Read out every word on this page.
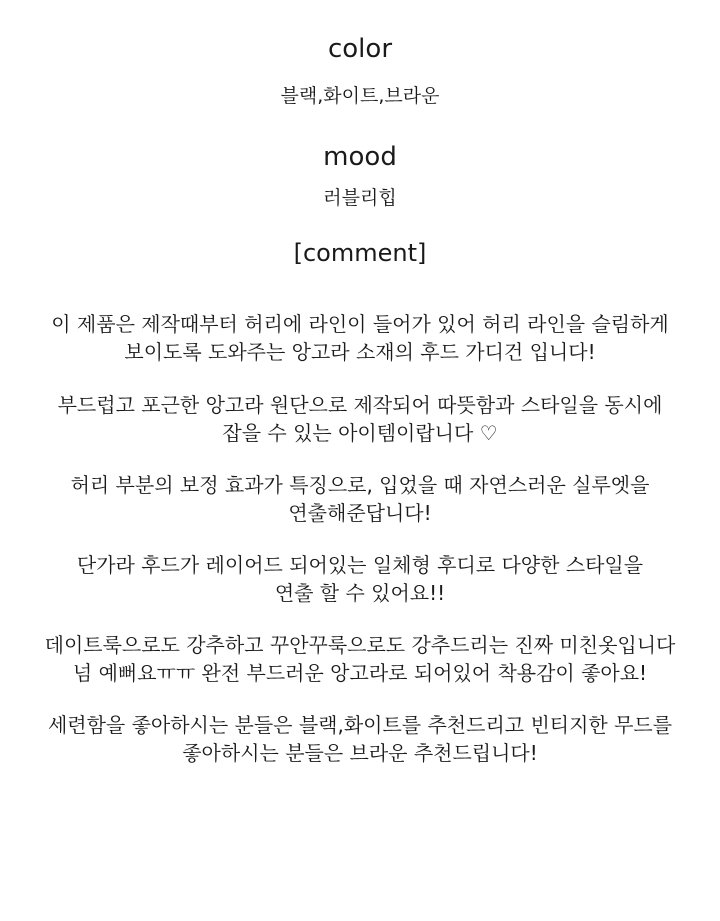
color
블랙,화이트,브라운
mood
러블리힙
[comment]
이 제품은 제작때부터 허리에 라인이 들어가 있어 허리 라인을 슬림하게
보이도록 도와주는 앙고라 소재의 후드 가디건 입니다!
부드럽고 포근한 앙고라 원단으로 제작되어 따뜻함과 스타일을 동시에
잡을 수 있는 아이템이랍니다 ♡
허리 부분의 보정 효과가 특징으로, 입었을 때 자연스러운 실루엣을
연출해준답니다!
단가라 후드가 레이어드 되어있는 일체형 후디로 다양한 스타일을
연출 할 수 있어요!!
데이트룩으로도 강추하고 꾸안꾸룩으로도 강추드리는 진짜 미친옷입니다
넘 예뻐요ㅠㅠ 완전 부드러운 앙고라로 되어있어 착용감이 좋아요!
세련함을 좋아하시는 분들은 블랙,화이트를 추천드리고 빈티지한 무드를
좋아하시는 분들은 브라운 추천드립니다!
